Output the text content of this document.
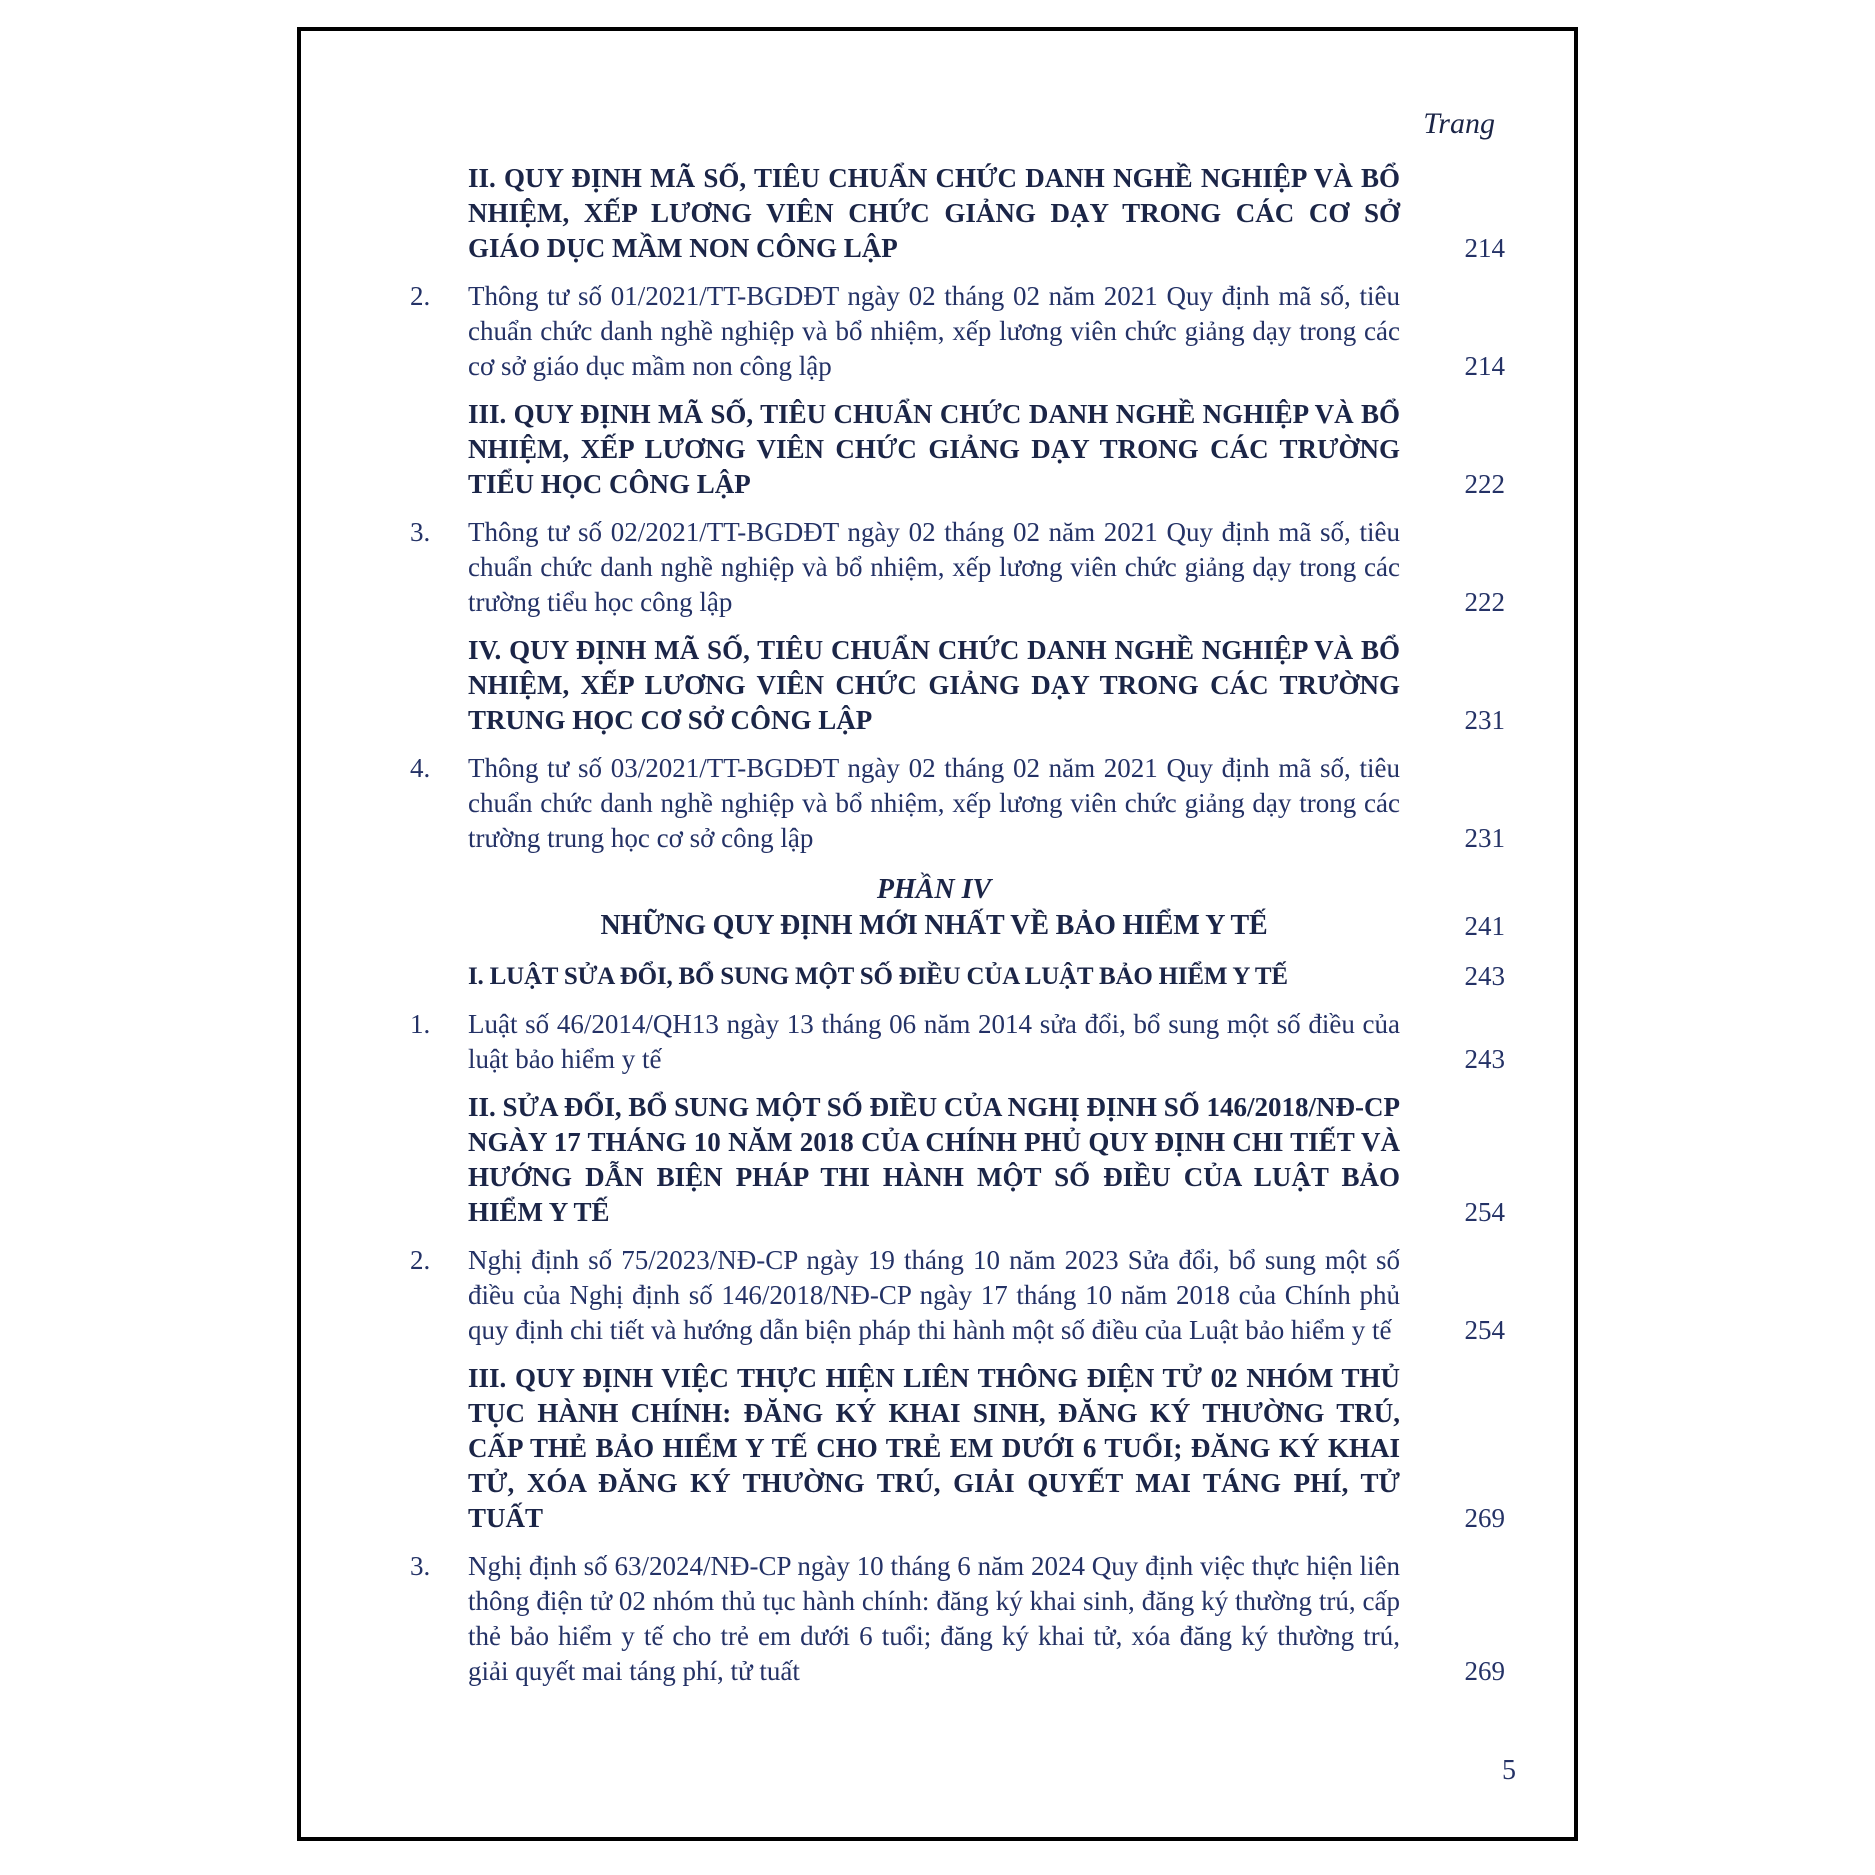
Trang
II. QUY ĐỊNH MÃ SỐ, TIÊU CHUẨN CHỨC DANH NGHỀ NGHIỆP VÀ BỔ NHIỆM, XẾP LƯƠNG VIÊN CHỨC GIẢNG DẠY TRONG CÁC CƠ SỞ GIÁO DỤC MẦM NON CÔNG LẬP	214
2.	Thông tư số 01/2021/TT-BGDĐT ngày 02 tháng 02 năm 2021 Quy định mã số, tiêu chuẩn chức danh nghề nghiệp và bổ nhiệm, xếp lương viên chức giảng dạy trong các cơ sở giáo dục mầm non công lập	214
III. QUY ĐỊNH MÃ SỐ, TIÊU CHUẨN CHỨC DANH NGHỀ NGHIỆP VÀ BỔ NHIỆM, XẾP LƯƠNG VIÊN CHỨC GIẢNG DẠY TRONG CÁC TRƯỜNG TIỂU HỌC CÔNG LẬP	222
3.	Thông tư số 02/2021/TT-BGDĐT ngày 02 tháng 02 năm 2021 Quy định mã số, tiêu chuẩn chức danh nghề nghiệp và bổ nhiệm, xếp lương viên chức giảng dạy trong các trường tiểu học công lập	222
IV. QUY ĐỊNH MÃ SỐ, TIÊU CHUẨN CHỨC DANH NGHỀ NGHIỆP VÀ BỔ NHIỆM, XẾP LƯƠNG VIÊN CHỨC GIẢNG DẠY TRONG CÁC TRƯỜNG TRUNG HỌC CƠ SỞ CÔNG LẬP	231
4.	Thông tư số 03/2021/TT-BGDĐT ngày 02 tháng 02 năm 2021 Quy định mã số, tiêu chuẩn chức danh nghề nghiệp và bổ nhiệm, xếp lương viên chức giảng dạy trong các trường trung học cơ sở công lập	231
PHẦN IV
NHỮNG QUY ĐỊNH MỚI NHẤT VỀ BẢO HIỂM Y TẾ	241
I. LUẬT SỬA ĐỔI, BỔ SUNG MỘT SỐ ĐIỀU CỦA LUẬT BẢO HIỂM Y TẾ	243
1.	Luật số 46/2014/QH13 ngày 13 tháng 06 năm 2014 sửa đổi, bổ sung một số điều của luật bảo hiểm y tế	243
II. SỬA ĐỔI, BỔ SUNG MỘT SỐ ĐIỀU CỦA NGHỊ ĐỊNH SỐ 146/2018/NĐ-CP NGÀY 17 THÁNG 10 NĂM 2018 CỦA CHÍNH PHỦ QUY ĐỊNH CHI TIẾT VÀ HƯỚNG DẪN BIỆN PHÁP THI HÀNH MỘT SỐ ĐIỀU CỦA LUẬT BẢO HIỂM Y TẾ	254
2.	Nghị định số 75/2023/NĐ-CP ngày 19 tháng 10 năm 2023 Sửa đổi, bổ sung một số điều của Nghị định số 146/2018/NĐ-CP ngày 17 tháng 10 năm 2018 của Chính phủ quy định chi tiết và hướng dẫn biện pháp thi hành một số điều của Luật bảo hiểm y tế	254
III. QUY ĐỊNH VIỆC THỰC HIỆN LIÊN THÔNG ĐIỆN TỬ 02 NHÓM THỦ TỤC HÀNH CHÍNH: ĐĂNG KÝ KHAI SINH, ĐĂNG KÝ THƯỜNG TRÚ, CẤP THẺ BẢO HIỂM Y TẾ CHO TRẺ EM DƯỚI 6 TUỔI; ĐĂNG KÝ KHAI TỬ, XÓA ĐĂNG KÝ THƯỜNG TRÚ, GIẢI QUYẾT MAI TÁNG PHÍ, TỬ TUẤT	269
3.	Nghị định số 63/2024/NĐ-CP ngày 10 tháng 6 năm 2024 Quy định việc thực hiện liên thông điện tử 02 nhóm thủ tục hành chính: đăng ký khai sinh, đăng ký thường trú, cấp thẻ bảo hiểm y tế cho trẻ em dưới 6 tuổi; đăng ký khai tử, xóa đăng ký thường trú, giải quyết mai táng phí, tử tuất	269
5
